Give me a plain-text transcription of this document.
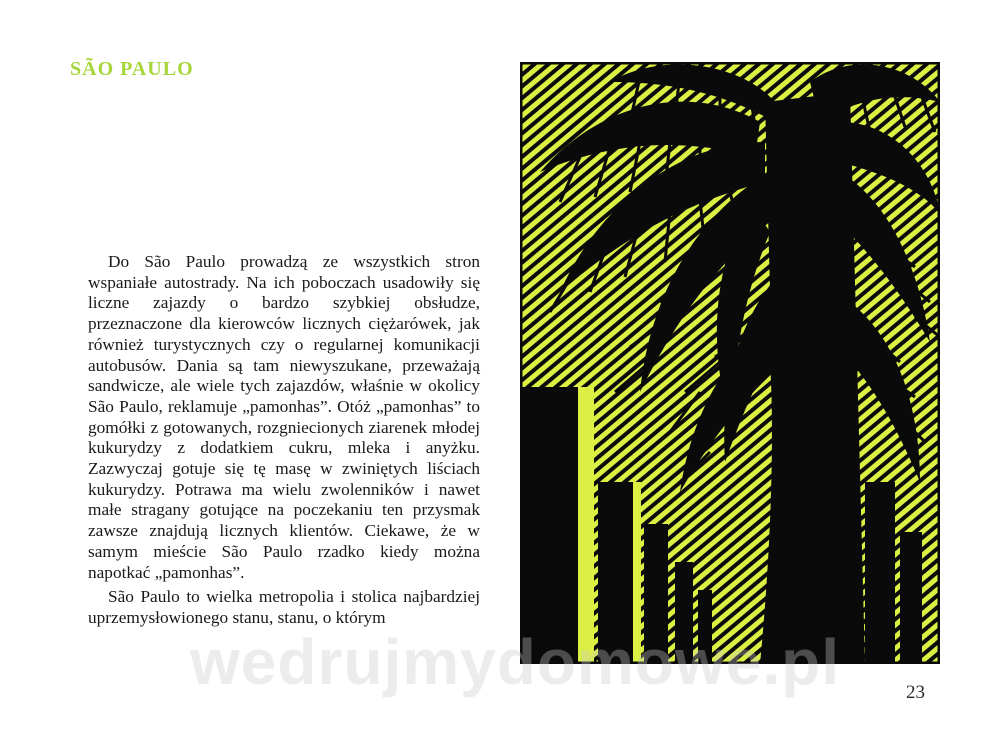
SÃO PAULO

Do São Paulo prowadzą ze wszystkich stron wspaniałe autostrady. Na ich poboczach usadowiły się liczne zajazdy o bardzo szybkiej obsłudze, przeznaczone dla kierowców licznych ciężarówek, jak również turystycznych czy o regularnej komunikacji autobusów. Dania są tam niewyszukane, przeważają sandwicze, ale wiele tych zajazdów, właśnie w okolicy São Paulo, reklamuje „pamonhas”. Otóż „pamonhas” to gomółki z gotowanych, rozgniecionych ziarenek młodej kukurydzy z dodatkiem cukru, mleka i anyżku. Zazwyczaj gotuje się tę masę w zwiniętych liściach kukurydzy. Potrawa ma wielu zwolenników i nawet małe stragany gotujące na poczekaniu ten przysmak zawsze znajdują licznych klientów. Ciekawe, że w samym mieście São Paulo rzadko kiedy można napotkać „pamonhas”.

São Paulo to wielka metropolia i stolica najbardziej uprzemysłowionego stanu, stanu, o którym

wedrujmydomowe.pl	23
